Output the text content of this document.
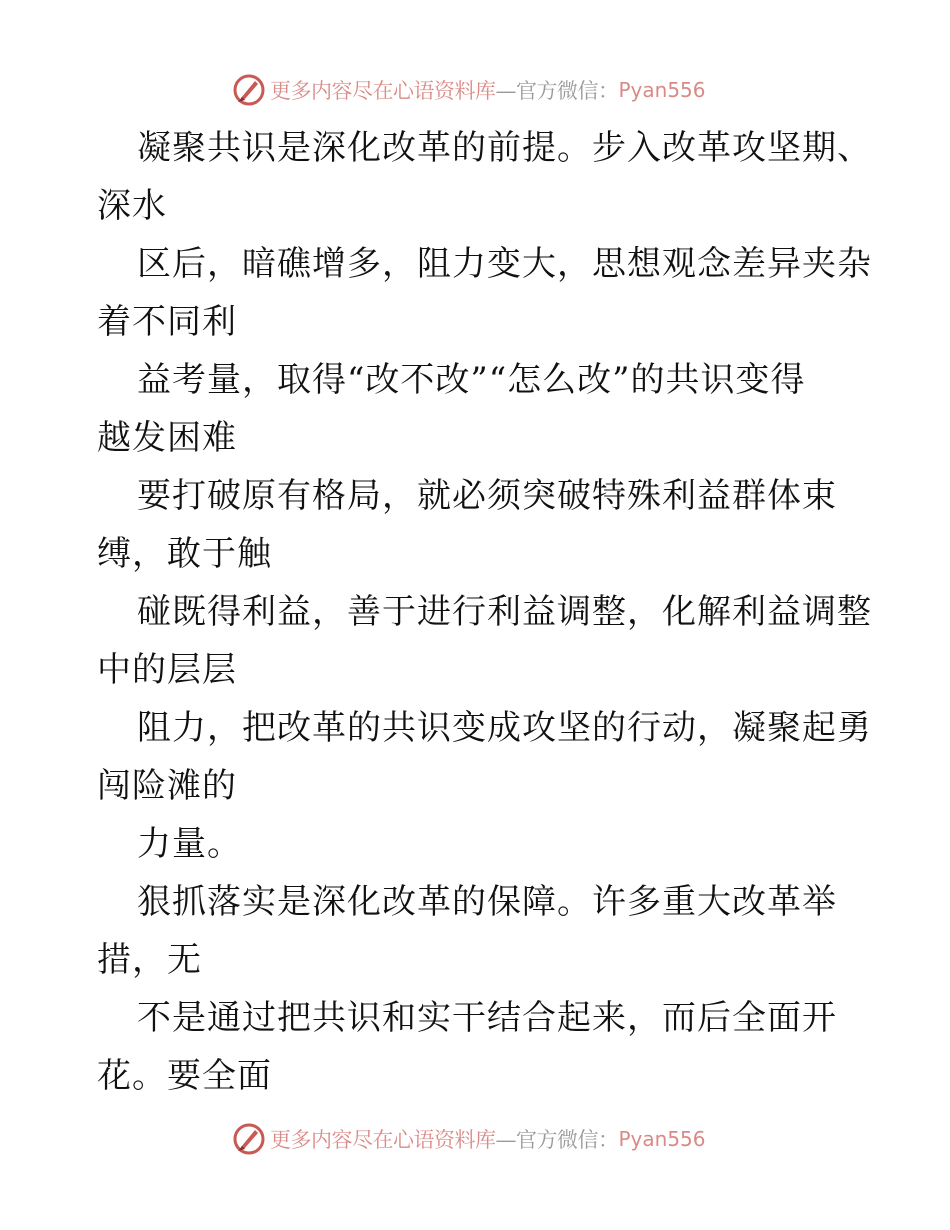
更多内容尽在心语资料库 —官方微信： Pyan556
凝聚共识是深化改革的前提。步入改革攻坚期、
深水
区后，暗礁增多，阻力变大，思想观念差异夹杂
着不同利
益考量，取得“改不改”“怎么改”的共识变得
越发困难
要打破原有格局，就必须突破特殊利益群体束
缚，敢于触
碰既得利益，善于进行利益调整，化解利益调整
中的层层
阻力，把改革的共识变成攻坚的行动，凝聚起勇
闯险滩的
力量。
狠抓落实是深化改革的保障。许多重大改革举
措，无
不是通过把共识和实干结合起来，而后全面开
花。要全面
更多内容尽在心语资料库 —官方微信： Pyan556
